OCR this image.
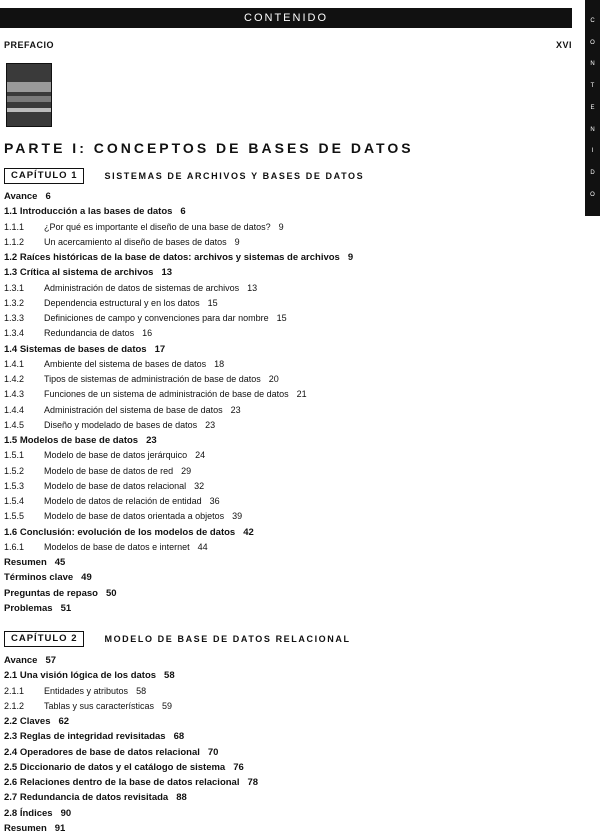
CONTENIDO	C
O
N
T
E
N
I
D
O
PREFACIO	XVI
PARTE I: CONCEPTOS DE BASES DE DATOS
CAPÍTULO 1	SISTEMAS DE ARCHIVOS Y BASES DE DATOS
Avance 6
1.1 Introducción a las bases de datos 6
1.1.1 ¿Por qué es importante el diseño de una base de datos? 9
1.1.2 Un acercamiento al diseño de bases de datos 9
1.2 Raíces históricas de la base de datos: archivos y sistemas de archivos 9
1.3 Crítica al sistema de archivos 13
1.3.1 Administración de datos de sistemas de archivos 13
1.3.2 Dependencia estructural y en los datos 15
1.3.3 Definiciones de campo y convenciones para dar nombre 15
1.3.4 Redundancia de datos 16
1.4 Sistemas de bases de datos 17
1.4.1 Ambiente del sistema de bases de datos 18
1.4.2 Tipos de sistemas de administración de base de datos 20
1.4.3 Funciones de un sistema de administración de base de datos 21
1.4.4 Administración del sistema de base de datos 23
1.4.5 Diseño y modelado de bases de datos 23
1.5 Modelos de base de datos 23
1.5.1 Modelo de base de datos jerárquico 24
1.5.2 Modelo de base de datos de red 29
1.5.3 Modelo de base de datos relacional 32
1.5.4 Modelo de datos de relación de entidad 36
1.5.5 Modelo de base de datos orientada a objetos 39
1.6 Conclusión: evolución de los modelos de datos 42
1.6.1 Modelos de base de datos e internet 44
Resumen 45
Términos clave 49
Preguntas de repaso 50
Problemas 51
CAPÍTULO 2	MODELO DE BASE DE DATOS RELACIONAL
Avance 57
2.1 Una visión lógica de los datos 58
2.1.1 Entidades y atributos 58
2.1.2 Tablas y sus características 59
2.2 Claves 62
2.3 Reglas de integridad revisitadas 68
2.4 Operadores de base de datos relacional 70
2.5 Diccionario de datos y el catálogo de sistema 76
2.6 Relaciones dentro de la base de datos relacional 78
2.7 Redundancia de datos revisitada 88
2.8 Índices 90
Resumen 91
